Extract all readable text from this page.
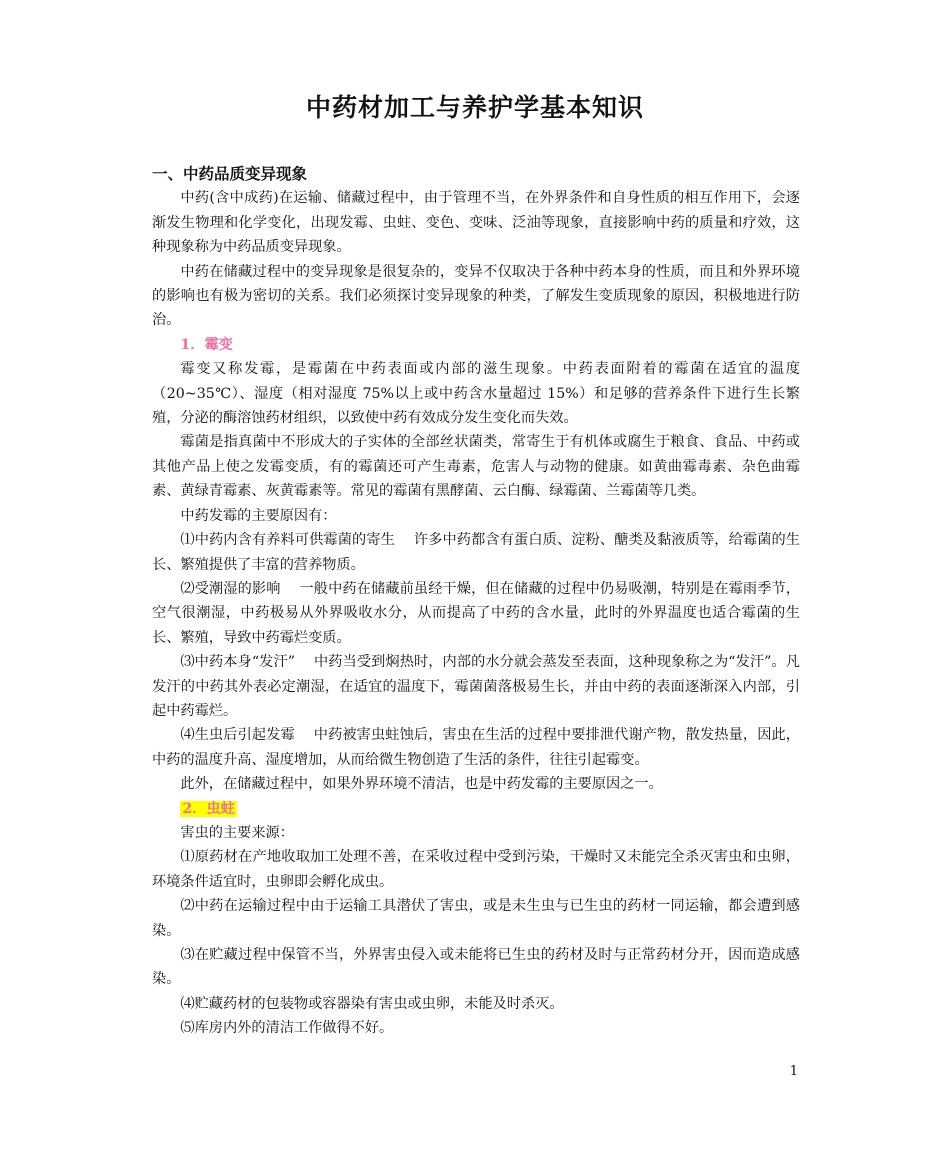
中药材加工与养护学基本知识

一、中药品质变异现象

中药(含中成药)在运输、储藏过程中，由于管理不当，在外界条件和自身性质的相互作用下，会逐渐发生物理和化学变化，出现发霉、虫蛀、变色、变味、泛油等现象，直接影响中药的质量和疗效，这种现象称为中药品质变异现象。

中药在储藏过程中的变异现象是很复杂的，变异不仅取决于各种中药本身的性质，而且和外界环境的影响也有极为密切的关系。我们必须探讨变异现象的种类，了解发生变质现象的原因，积极地进行防治。

1．霉变

霉变又称发霉，是霉菌在中药表面或内部的滋生现象。中药表面附着的霉菌在适宜的温度（20~35℃）、湿度（相对湿度 75%以上或中药含水量超过 15%）和足够的营养条件下进行生长繁殖，分泌的酶溶蚀药材组织，以致使中药有效成分发生变化而失效。

霉菌是指真菌中不形成大的子实体的全部丝状菌类，常寄生于有机体或腐生于粮食、食品、中药或其他产品上使之发霉变质，有的霉菌还可产生毒素，危害人与动物的健康。如黄曲霉毒素、杂色曲霉素、黄绿青霉素、灰黄霉素等。常见的霉菌有黑酵菌、云白酶、绿霉菌、兰霉菌等几类。

中药发霉的主要原因有：

⑴中药内含有养料可供霉菌的寄生　 许多中药都含有蛋白质、淀粉、醣类及黏液质等，给霉菌的生长、繁殖提供了丰富的营养物质。

⑵受潮湿的影响　 一般中药在储藏前虽经干燥，但在储藏的过程中仍易吸潮，特别是在霉雨季节，空气很潮湿，中药极易从外界吸收水分，从而提高了中药的含水量，此时的外界温度也适合霉菌的生长、繁殖，导致中药霉烂变质。

⑶中药本身“发汗”　 中药当受到焖热时，内部的水分就会蒸发至表面，这种现象称之为“发汗”。凡发汗的中药其外表必定潮湿，在适宜的温度下，霉菌菌落极易生长，并由中药的表面逐渐深入内部，引起中药霉烂。

⑷生虫后引起发霉　 中药被害虫蛀蚀后，害虫在生活的过程中要排泄代谢产物，散发热量，因此，中药的温度升高、湿度增加，从而给微生物创造了生活的条件，往往引起霉变。

此外，在储藏过程中，如果外界环境不清洁，也是中药发霉的主要原因之一。

2．虫蛀

害虫的主要来源：

⑴原药材在产地收取加工处理不善，在采收过程中受到污染，干燥时又未能完全杀灭害虫和虫卵，环境条件适宜时，虫卵即会孵化成虫。

⑵中药在运输过程中由于运输工具潜伏了害虫，或是未生虫与已生虫的药材一同运输，都会遭到感染。

⑶在贮藏过程中保管不当，外界害虫侵入或未能将已生虫的药材及时与正常药材分开，因而造成感染。

⑷贮藏药材的包装物或容器染有害虫或虫卵，未能及时杀灭。

⑸库房内外的清洁工作做得不好。

1
